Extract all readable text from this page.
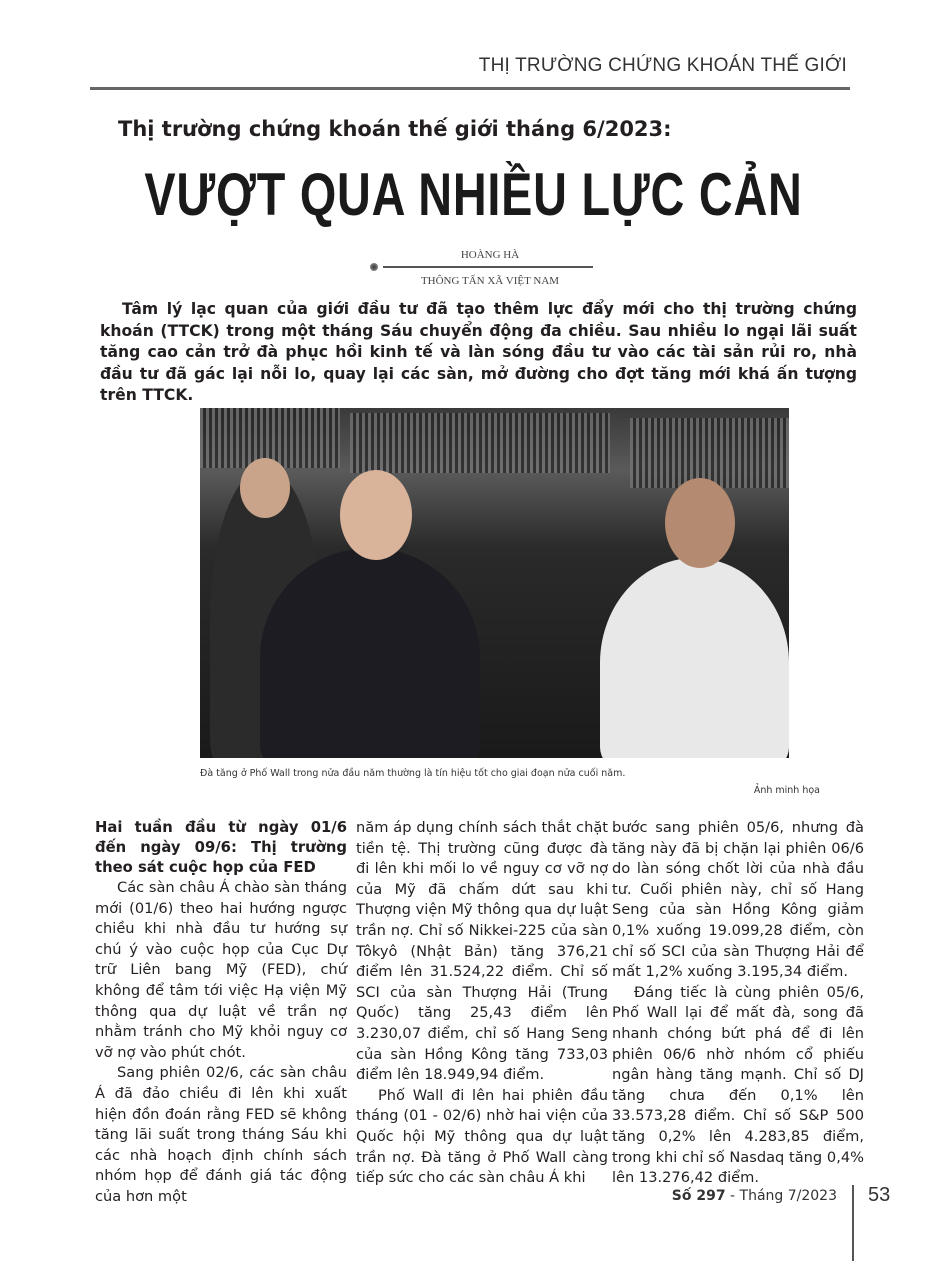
THỊ TRƯỜNG CHỨNG KHOÁN THẾ GIỚI
Thị trường chứng khoán thế giới tháng 6/2023:
VƯỢT QUA NHIỀU LỰC CẢN
HOÀNG HÀ
THÔNG TẤN XÃ VIỆT NAM
Tâm lý lạc quan của giới đầu tư đã tạo thêm lực đẩy mới cho thị trường chứng khoán (TTCK) trong một tháng Sáu chuyển động đa chiều. Sau nhiều lo ngại lãi suất tăng cao cản trở đà phục hồi kinh tế và làn sóng đầu tư vào các tài sản rủi ro, nhà đầu tư đã gác lại nỗi lo, quay lại các sàn, mở đường cho đợt tăng mới khá ấn tượng trên TTCK.
Đà tăng ở Phố Wall trong nửa đầu năm thường là tín hiệu tốt cho giai đoạn nửa cuối năm.
Ảnh minh họa
Hai tuần đầu từ ngày 01/6 đến ngày 09/6: Thị trường theo sát cuộc họp của FED

Các sàn châu Á chào sàn tháng mới (01/6) theo hai hướng ngược chiều khi nhà đầu tư hướng sự chú ý vào cuộc họp của Cục Dự trữ Liên bang Mỹ (FED), chứ không để tâm tới việc Hạ viện Mỹ thông qua dự luật về trần nợ nhằm tránh cho Mỹ khỏi nguy cơ vỡ nợ vào phút chót.

Sang phiên 02/6, các sàn châu Á đã đảo chiều đi lên khi xuất hiện đồn đoán rằng FED sẽ không tăng lãi suất trong tháng Sáu khi các nhà hoạch định chính sách nhóm họp để đánh giá tác động của hơn một

năm áp dụng chính sách thắt chặt tiền tệ. Thị trường cũng được đà đi lên khi mối lo về nguy cơ vỡ nợ của Mỹ đã chấm dứt sau khi Thượng viện Mỹ thông qua dự luật trần nợ. Chỉ số Nikkei-225 của sàn Tôkyô (Nhật Bản) tăng 376,21 điểm lên 31.524,22 điểm. Chỉ số SCI của sàn Thượng Hải (Trung Quốc) tăng 25,43 điểm lên 3.230,07 điểm, chỉ số Hang Seng của sàn Hồng Kông tăng 733,03 điểm lên 18.949,94 điểm.

Phố Wall đi lên hai phiên đầu tháng (01 - 02/6) nhờ hai viện của Quốc hội Mỹ thông qua dự luật trần nợ. Đà tăng ở Phố Wall càng tiếp sức cho các sàn châu Á khi

bước sang phiên 05/6, nhưng đà tăng này đã bị chặn lại phiên 06/6 do làn sóng chốt lời của nhà đầu tư. Cuối phiên này, chỉ số Hang Seng của sàn Hồng Kông giảm 0,1% xuống 19.099,28 điểm, còn chỉ số SCI của sàn Thượng Hải để mất 1,2% xuống 3.195,34 điểm.

Đáng tiếc là cùng phiên 05/6, Phố Wall lại để mất đà, song đã nhanh chóng bứt phá để đi lên phiên 06/6 nhờ nhóm cổ phiếu ngân hàng tăng mạnh. Chỉ số DJ tăng chưa đến 0,1% lên 33.573,28 điểm. Chỉ số S&P 500 tăng 0,2% lên 4.283,85 điểm, trong khi chỉ số Nasdaq tăng 0,4% lên 13.276,42 điểm.

Số 297 - Tháng 7/2023 53
